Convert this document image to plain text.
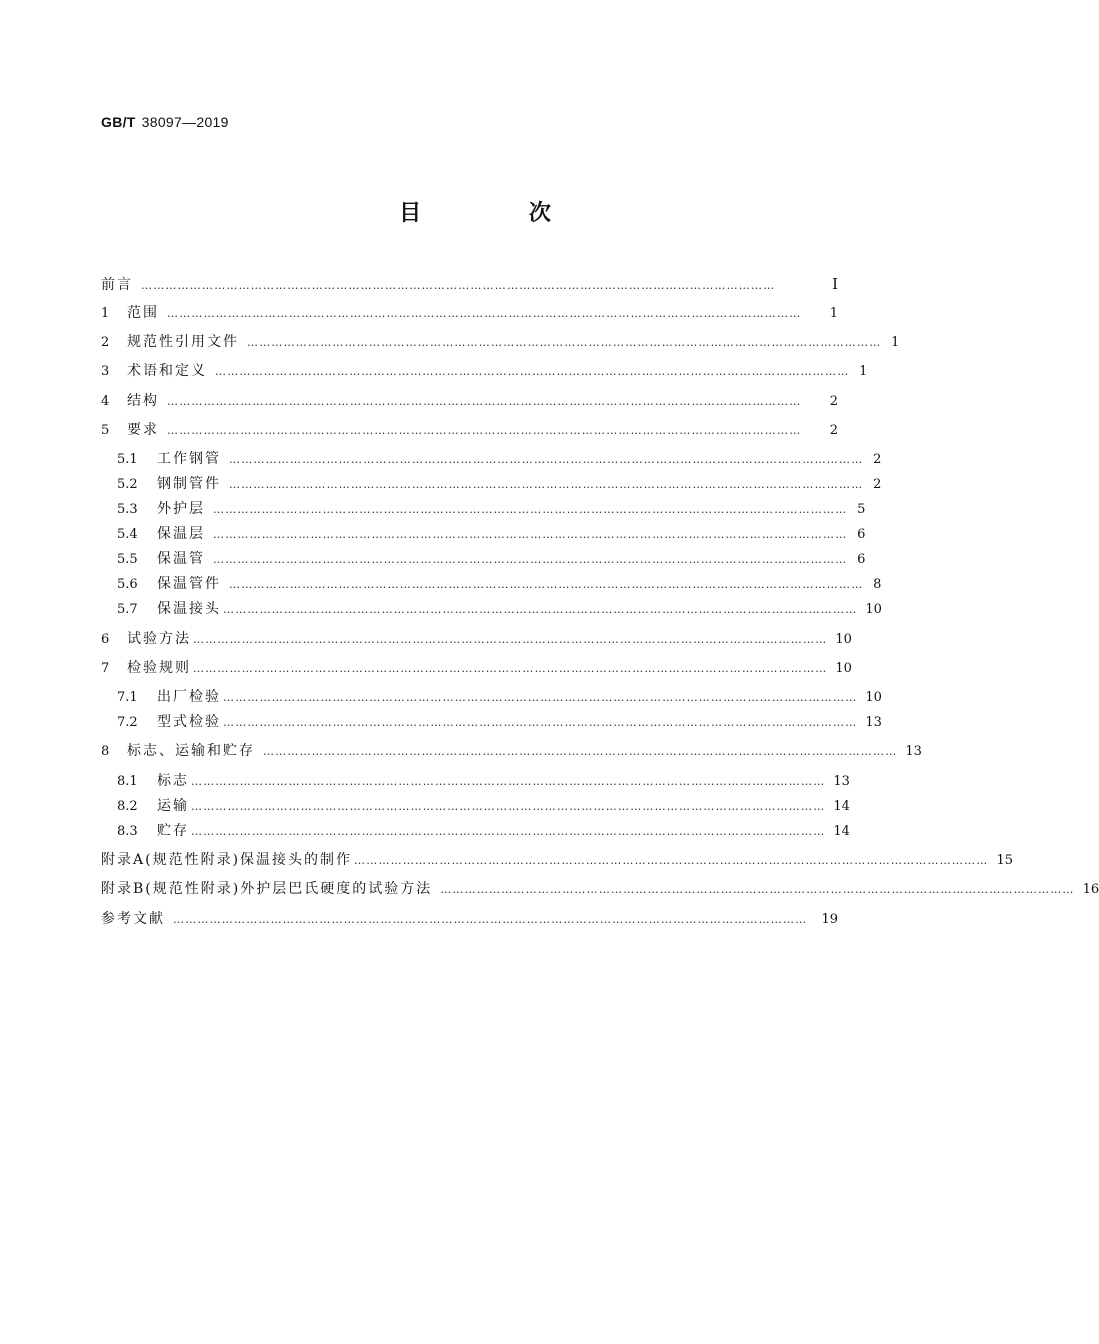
GB/T 38097—2019
目 次
前言 …………………………………………………………………………………………………………………………………………	Ⅰ
1	范围 …………………………………………………………………………………………………………………………………………	1
2	规范性引用文件 ………………………………………………………………………………………………………………………………………… 1
3	术语和定义 ………………………………………………………………………………………………………………………………………… 1
4	结构 …………………………………………………………………………………………………………………………………………	2
5	要求 …………………………………………………………………………………………………………………………………………	2
5.1	工作钢管 ………………………………………………………………………………………………………………………………………… 2
5.2	钢制管件 ………………………………………………………………………………………………………………………………………… 2
5.3	外护层 ………………………………………………………………………………………………………………………………………… 5
5.4	保温层 ………………………………………………………………………………………………………………………………………… 6
5.5	保温管 ………………………………………………………………………………………………………………………………………… 6
5.6	保温管件 ………………………………………………………………………………………………………………………………………… 8
5.7	保温接头 ………………………………………………………………………………………………………………………………………… 10
6	试验方法 ………………………………………………………………………………………………………………………………………… 10
7	检验规则 ………………………………………………………………………………………………………………………………………… 10
7.1	出厂检验 ………………………………………………………………………………………………………………………………………… 10
7.2	型式检验 ………………………………………………………………………………………………………………………………………… 13
8	标志、运输和贮存 ………………………………………………………………………………………………………………………………………… 13
8.1	标志 ………………………………………………………………………………………………………………………………………… 13
8.2	运输 ………………………………………………………………………………………………………………………………………… 14
8.3	贮存 ………………………………………………………………………………………………………………………………………… 14
附录A(规范性附录)保温接头的制作 ………………………………………………………………………………………………………………………………………… 15
附录B(规范性附录)外护层巴氏硬度的试验方法 ………………………………………………………………………………………………………………………………………… 16
参考文献 …………………………………………………………………………………………………………………………………………	19
